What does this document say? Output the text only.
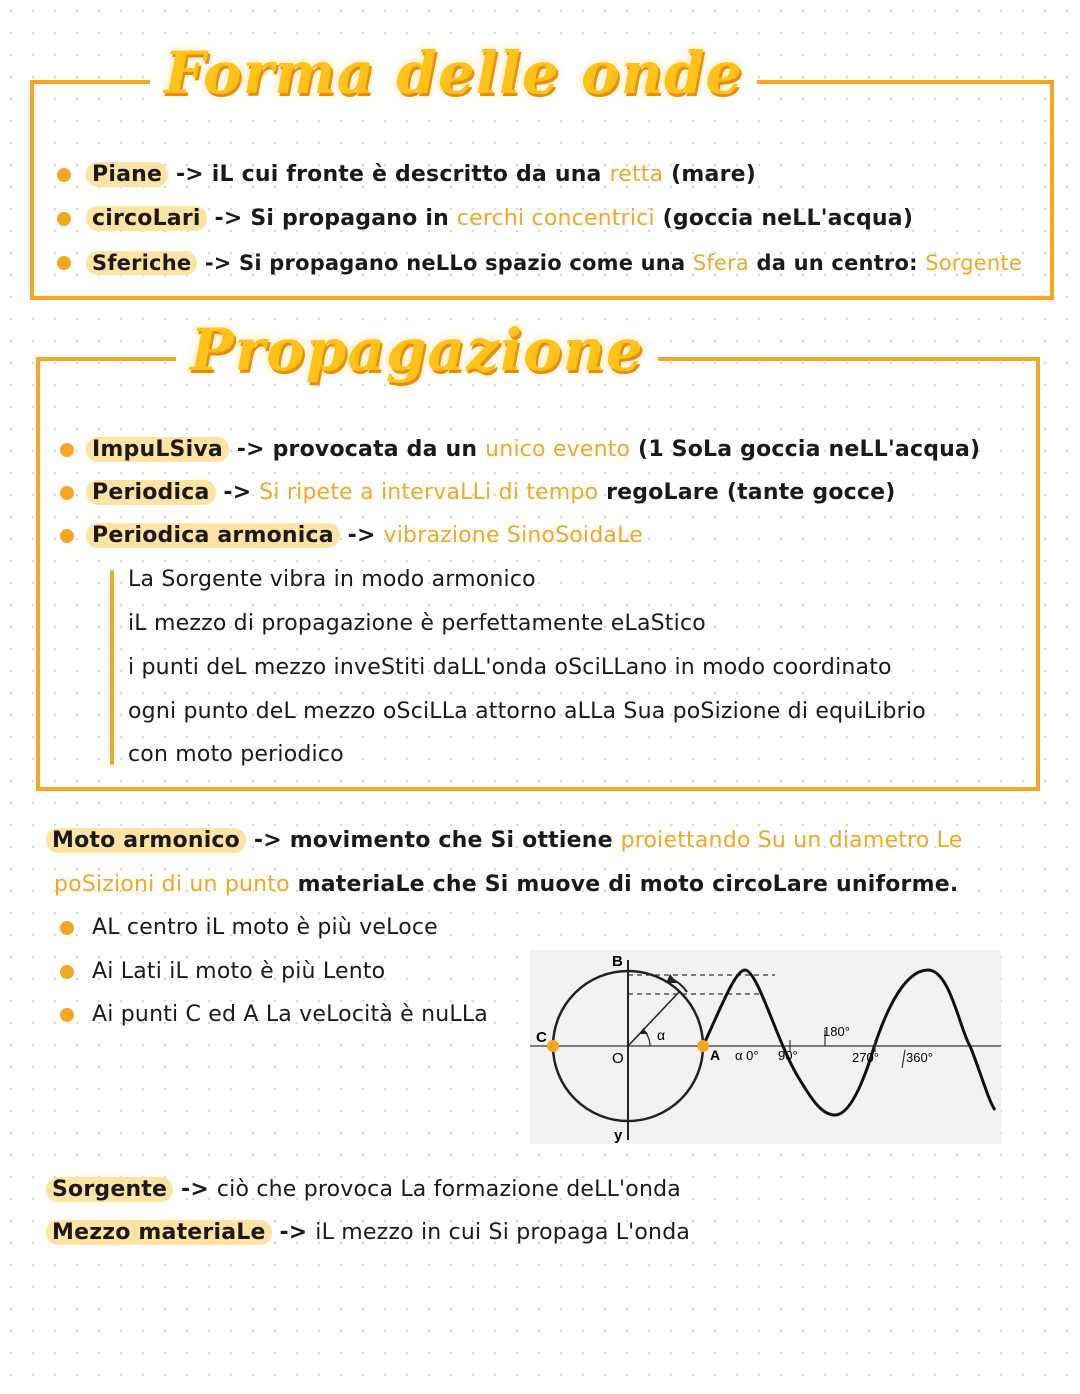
Forma delle onde
Piane -> iL cui fronte è descritto da una retta (mare)
circoLari -> Si propagano in cerchi concentrici (goccia neLL'acqua)
Sferiche -> Si propagano neLLo spazio come una Sfera da un centro: Sorgente
Propagazione
ImpuLSiva -> provocata da un unico evento (1 SoLa goccia neLL'acqua)
Periodica -> Si ripete a intervaLLi di tempo regoLare (tante gocce)
Periodica armonica -> vibrazione SinoSoidaLe
La Sorgente vibra in modo armonico
iL mezzo di propagazione è perfettamente eLaStico
i punti deL mezzo inveStiti daLL'onda oSciLLano in modo coordinato
ogni punto deL mezzo oSciLLa attorno aLLa Sua poSizione di equiLibrio
con moto periodico
Moto armonico -> movimento che Si ottiene proiettando Su un diametro Le
poSizioni di un punto materiaLe che Si muove di moto circoLare uniforme.
AL centro iL moto è più veLoce
Ai Lati iL moto è più Lento
Ai punti C ed A La veLocità è nuLLa
B
C
O
y
α
A α 0° 90°
180°
270° 360°
Sorgente -> ciò che provoca La formazione deLL'onda
Mezzo materiaLe -> iL mezzo in cui Si propaga L'onda
